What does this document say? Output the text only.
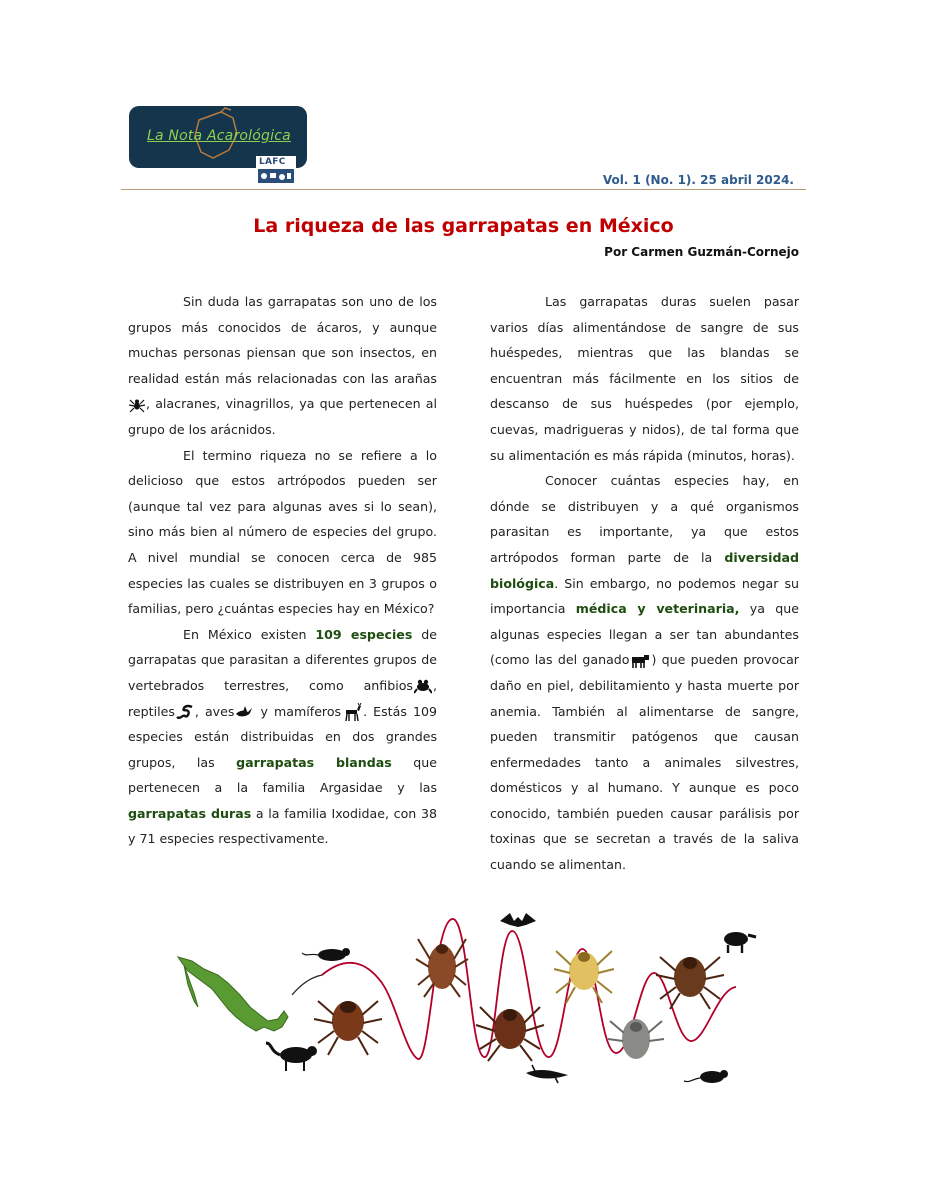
La Nota Acarológica
LAFC
Vol. 1 (No. 1). 25 abril 2024.
La riqueza de las garrapatas en México
Por Carmen Guzmán-Cornejo

Sin duda las garrapatas son uno de los grupos más conocidos de ácaros, y aunque muchas personas piensan que son insectos, en realidad están más relacionadas con las arañas , alacranes, vinagrillos, ya que pertenecen al grupo de los arácnidos.

El termino riqueza no se refiere a lo delicioso que estos artrópodos pueden ser (aunque tal vez para algunas aves si lo sean), sino más bien al número de especies del grupo. A nivel mundial se conocen cerca de 985 especies las cuales se distribuyen en 3 grupos o familias, pero ¿cuántas especies hay en México?

En México existen 109 especies de garrapatas que parasitan a diferentes grupos de vertebrados terrestres, como anfibios , reptiles , aves y mamíferos . Estás 109 especies están distribuidas en dos grandes grupos, las garrapatas blandas que pertenecen a la familia Argasidae y las garrapatas duras a la familia Ixodidae, con 38 y 71 especies respectivamente.

Las garrapatas duras suelen pasar varios días alimentándose de sangre de sus huéspedes, mientras que las blandas se encuentran más fácilmente en los sitios de descanso de sus huéspedes (por ejemplo, cuevas, madrigueras y nidos), de tal forma que su alimentación es más rápida (minutos, horas).

Conocer cuántas especies hay, en dónde se distribuyen y a qué organismos parasitan es importante, ya que estos artrópodos forman parte de la diversidad biológica. Sin embargo, no podemos negar su importancia médica y veterinaria, ya que algunas especies llegan a ser tan abundantes (como las del ganado ) que pueden provocar daño en piel, debilitamiento y hasta muerte por anemia. También al alimentarse de sangre, pueden transmitir patógenos que causan enfermedades tanto a animales silvestres, domésticos y al humano. Y aunque es poco conocido, también pueden causar parálisis por toxinas que se secretan a través de la saliva cuando se alimentan.
